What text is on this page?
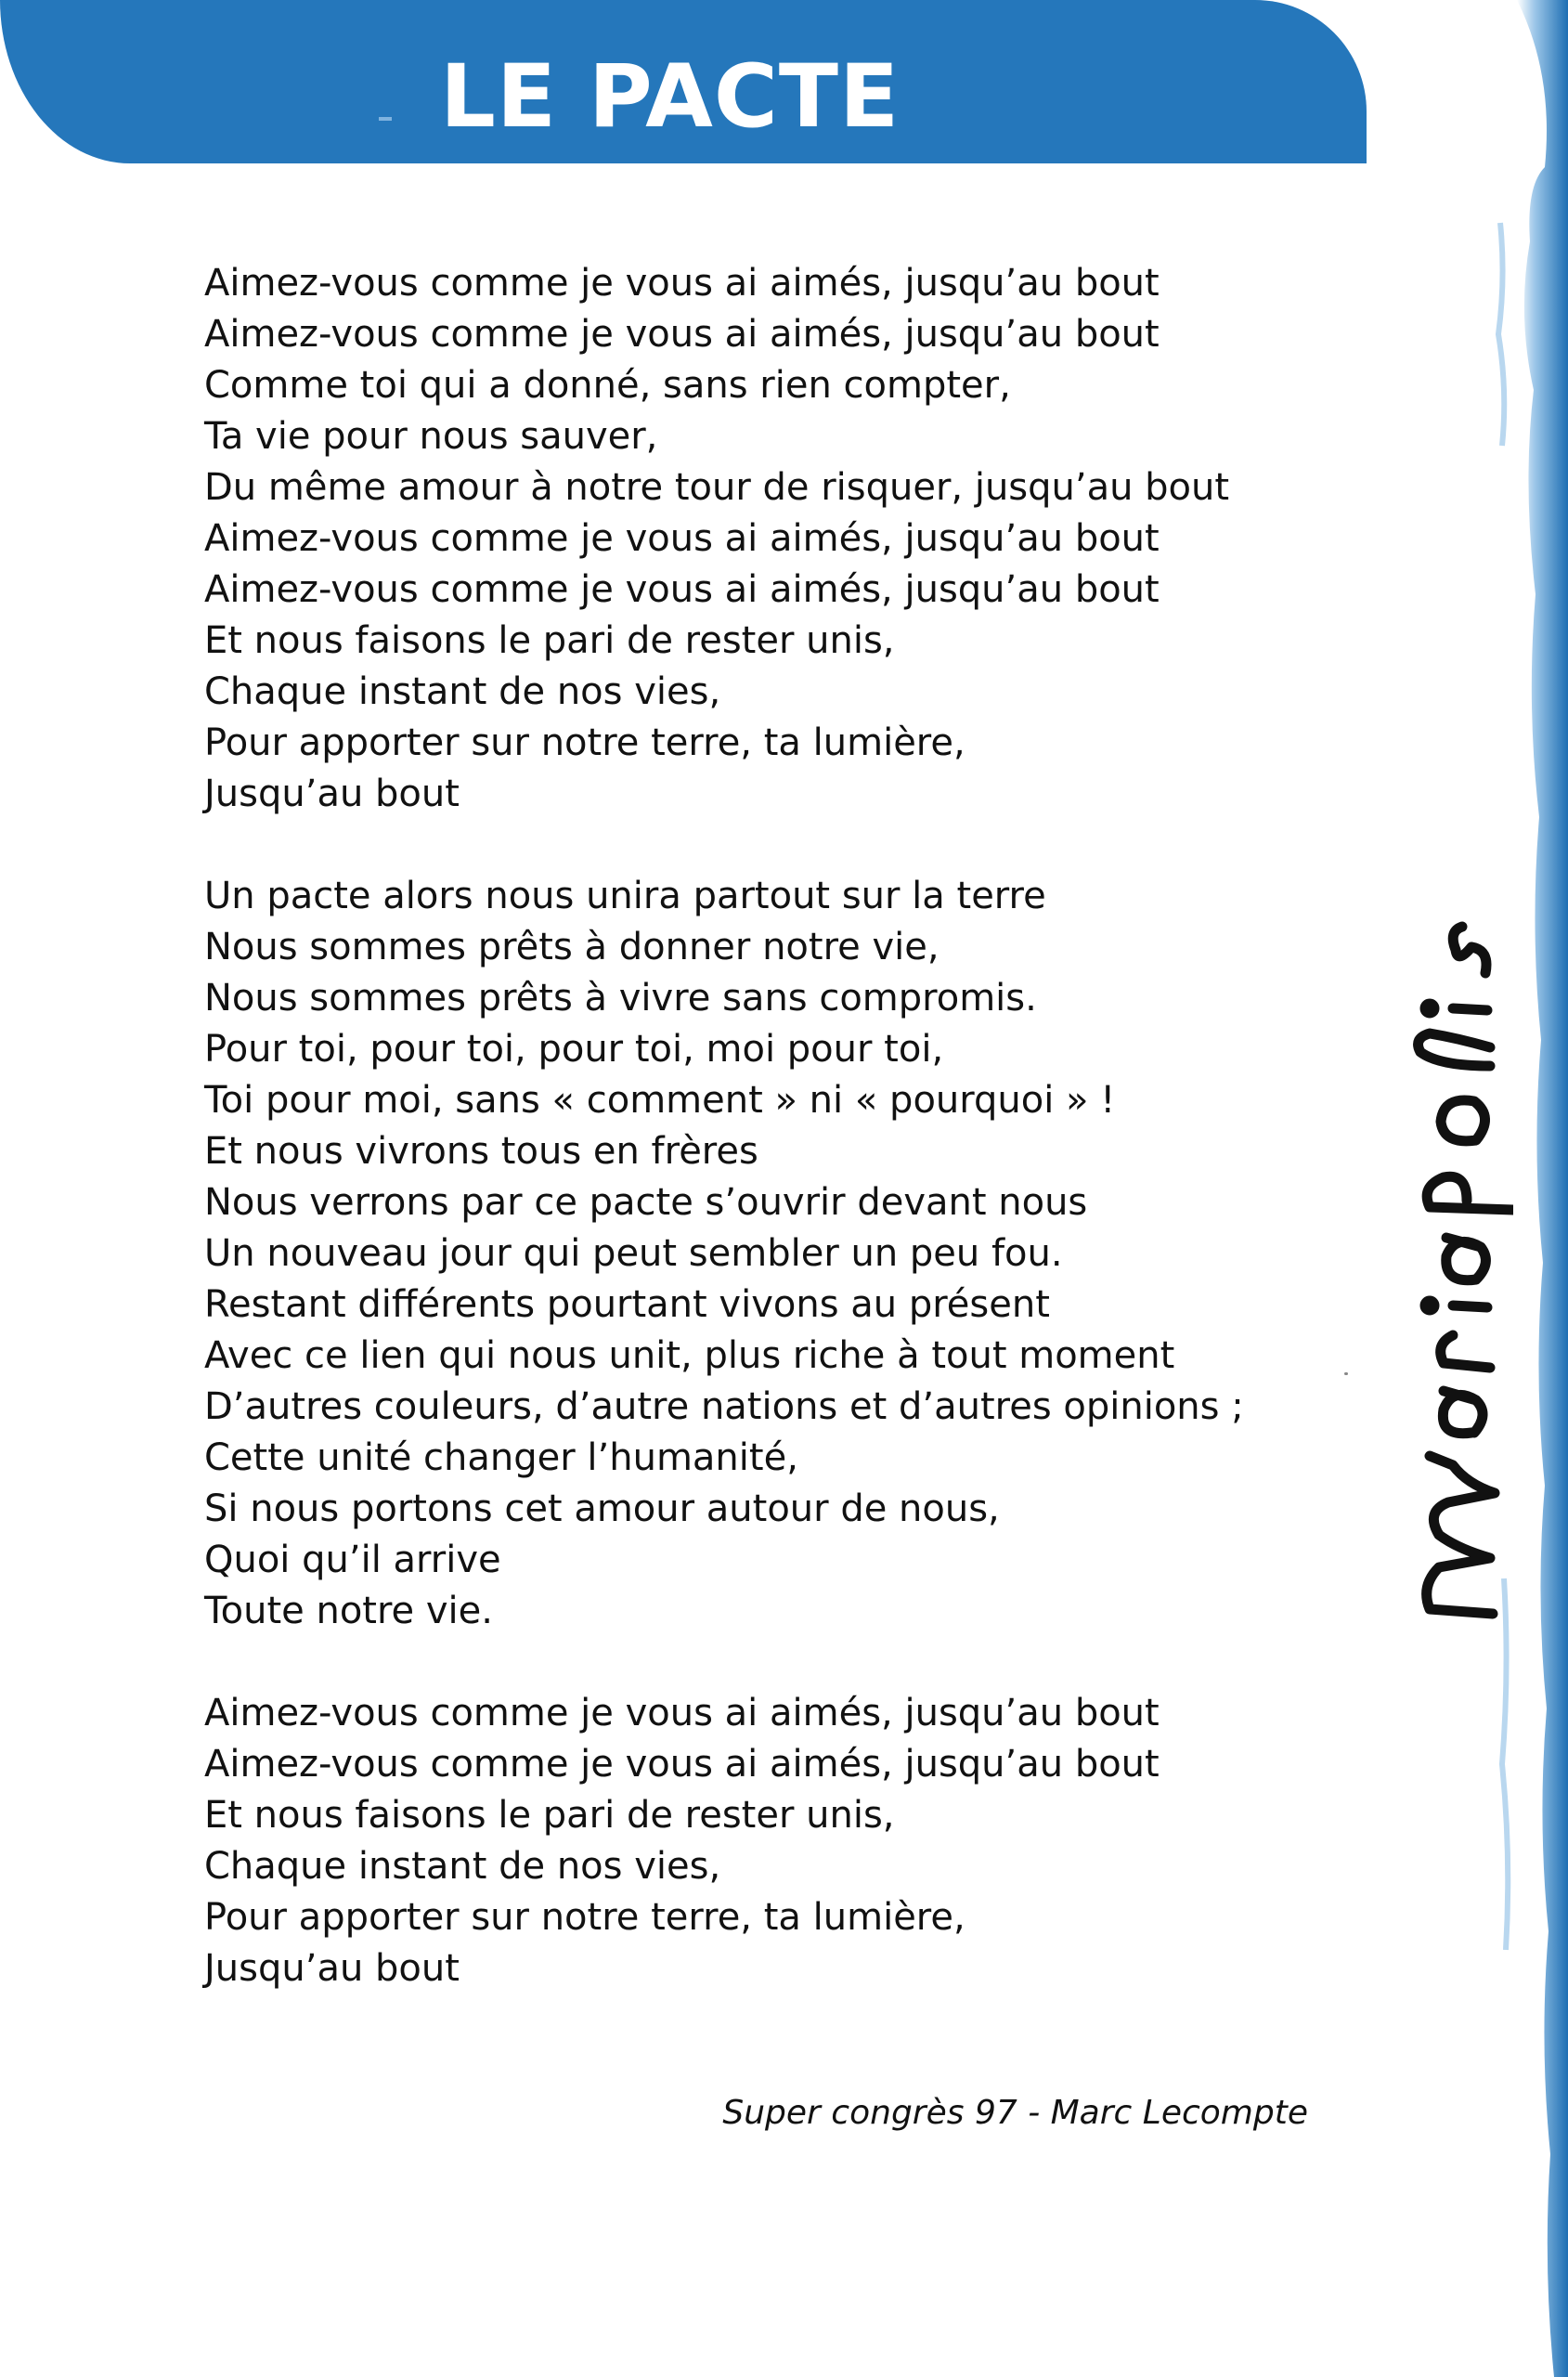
LE PACTE
Aimez-vous comme je vous ai aimés, jusqu’au bout
Aimez-vous comme je vous ai aimés, jusqu’au bout
Comme toi qui a donné, sans rien compter,
Ta vie pour nous sauver,
Du même amour à notre tour de risquer, jusqu’au bout
Aimez-vous comme je vous ai aimés, jusqu’au bout
Aimez-vous comme je vous ai aimés, jusqu’au bout
Et nous faisons le pari de rester unis,
Chaque instant de nos vies,
Pour apporter sur notre terre, ta lumière,
Jusqu’au bout
Un pacte alors nous unira partout sur la terre
Nous sommes prêts à donner notre vie,
Nous sommes prêts à vivre sans compromis.
Pour toi, pour toi, pour toi, moi pour toi,
Toi pour moi, sans « comment » ni « pourquoi » !
Et nous vivrons tous en frères
Nous verrons par ce pacte s’ouvrir devant nous
Un nouveau jour qui peut sembler un peu fou.
Restant différents pourtant vivons au présent
Avec ce lien qui nous unit, plus riche à tout moment
D’autres couleurs, d’autre nations et d’autres opinions ;
Cette unité changer l’humanité,
Si nous portons cet amour autour de nous,
Quoi qu’il arrive
Toute notre vie.
Aimez-vous comme je vous ai aimés, jusqu’au bout
Aimez-vous comme je vous ai aimés, jusqu’au bout
Et nous faisons le pari de rester unis,
Chaque instant de nos vies,
Pour apporter sur notre terre, ta lumière,
Jusqu’au bout
Super congrès 97 - Marc Lecompte
